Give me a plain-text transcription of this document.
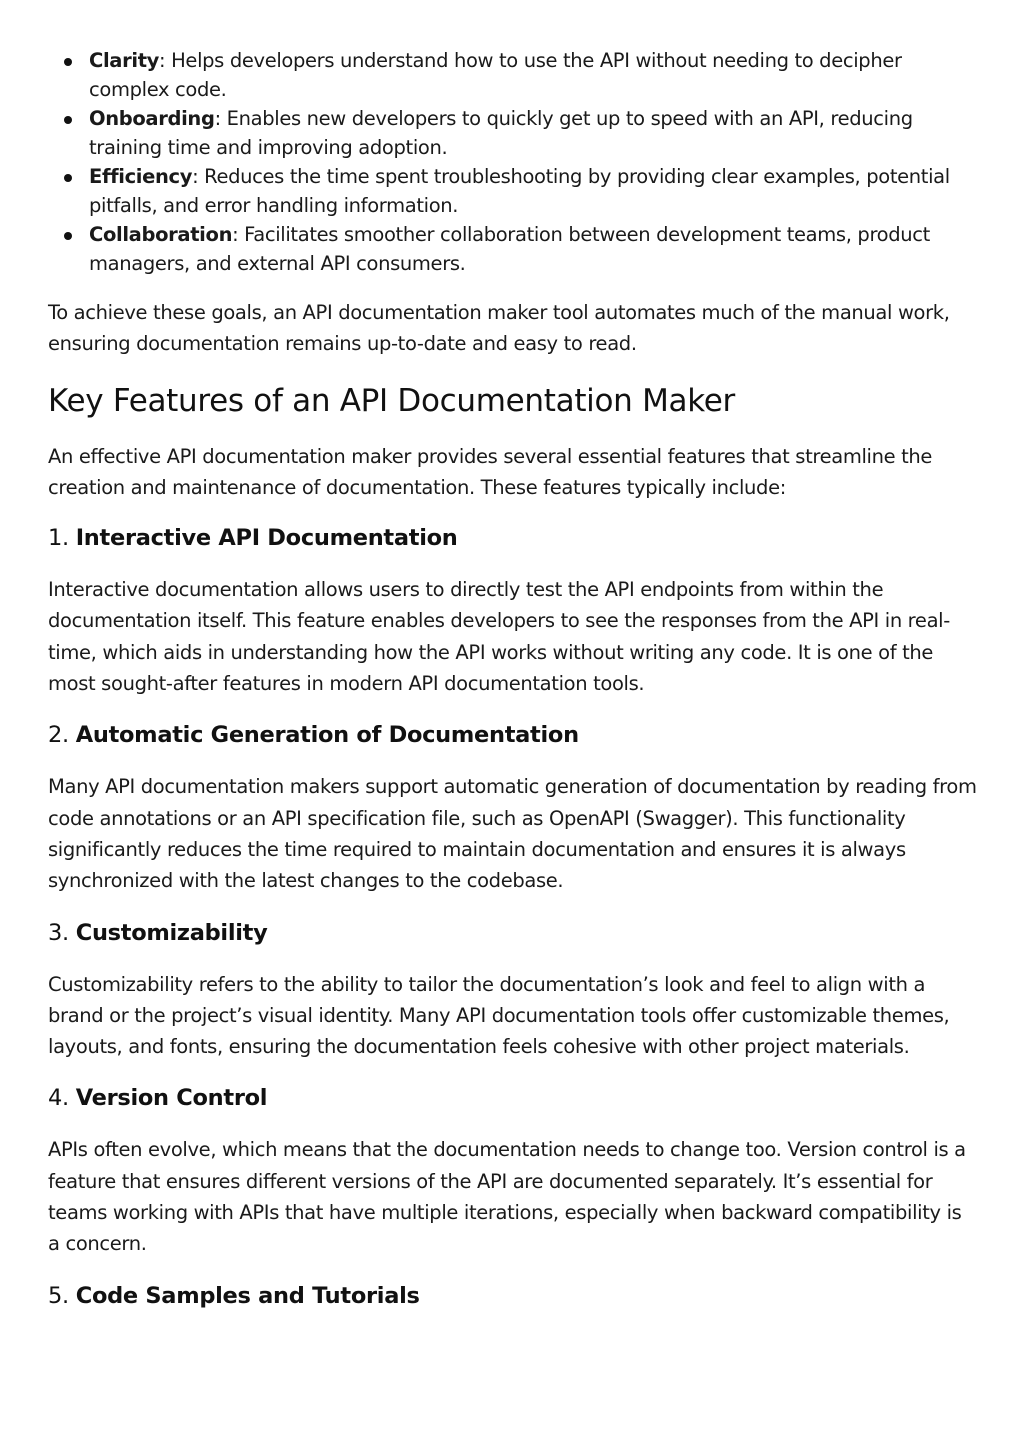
Clarity: Helps developers understand how to use the API without needing to decipher complex code.
Onboarding: Enables new developers to quickly get up to speed with an API, reducing training time and improving adoption.
Efficiency: Reduces the time spent troubleshooting by providing clear examples, potential pitfalls, and error handling information.
Collaboration: Facilitates smoother collaboration between development teams, product managers, and external API consumers.

To achieve these goals, an API documentation maker tool automates much of the manual work, ensuring documentation remains up-to-date and easy to read.

Key Features of an API Documentation Maker

An effective API documentation maker provides several essential features that streamline the creation and maintenance of documentation. These features typically include:

1. Interactive API Documentation

Interactive documentation allows users to directly test the API endpoints from within the documentation itself. This feature enables developers to see the responses from the API in real-time, which aids in understanding how the API works without writing any code. It is one of the most sought-after features in modern API documentation tools.

2. Automatic Generation of Documentation

Many API documentation makers support automatic generation of documentation by reading from code annotations or an API specification file, such as OpenAPI (Swagger). This functionality significantly reduces the time required to maintain documentation and ensures it is always synchronized with the latest changes to the codebase.

3. Customizability

Customizability refers to the ability to tailor the documentation’s look and feel to align with a brand or the project’s visual identity. Many API documentation tools offer customizable themes, layouts, and fonts, ensuring the documentation feels cohesive with other project materials.

4. Version Control

APIs often evolve, which means that the documentation needs to change too. Version control is a feature that ensures different versions of the API are documented separately. It’s essential for teams working with APIs that have multiple iterations, especially when backward compatibility is a concern.

5. Code Samples and Tutorials
